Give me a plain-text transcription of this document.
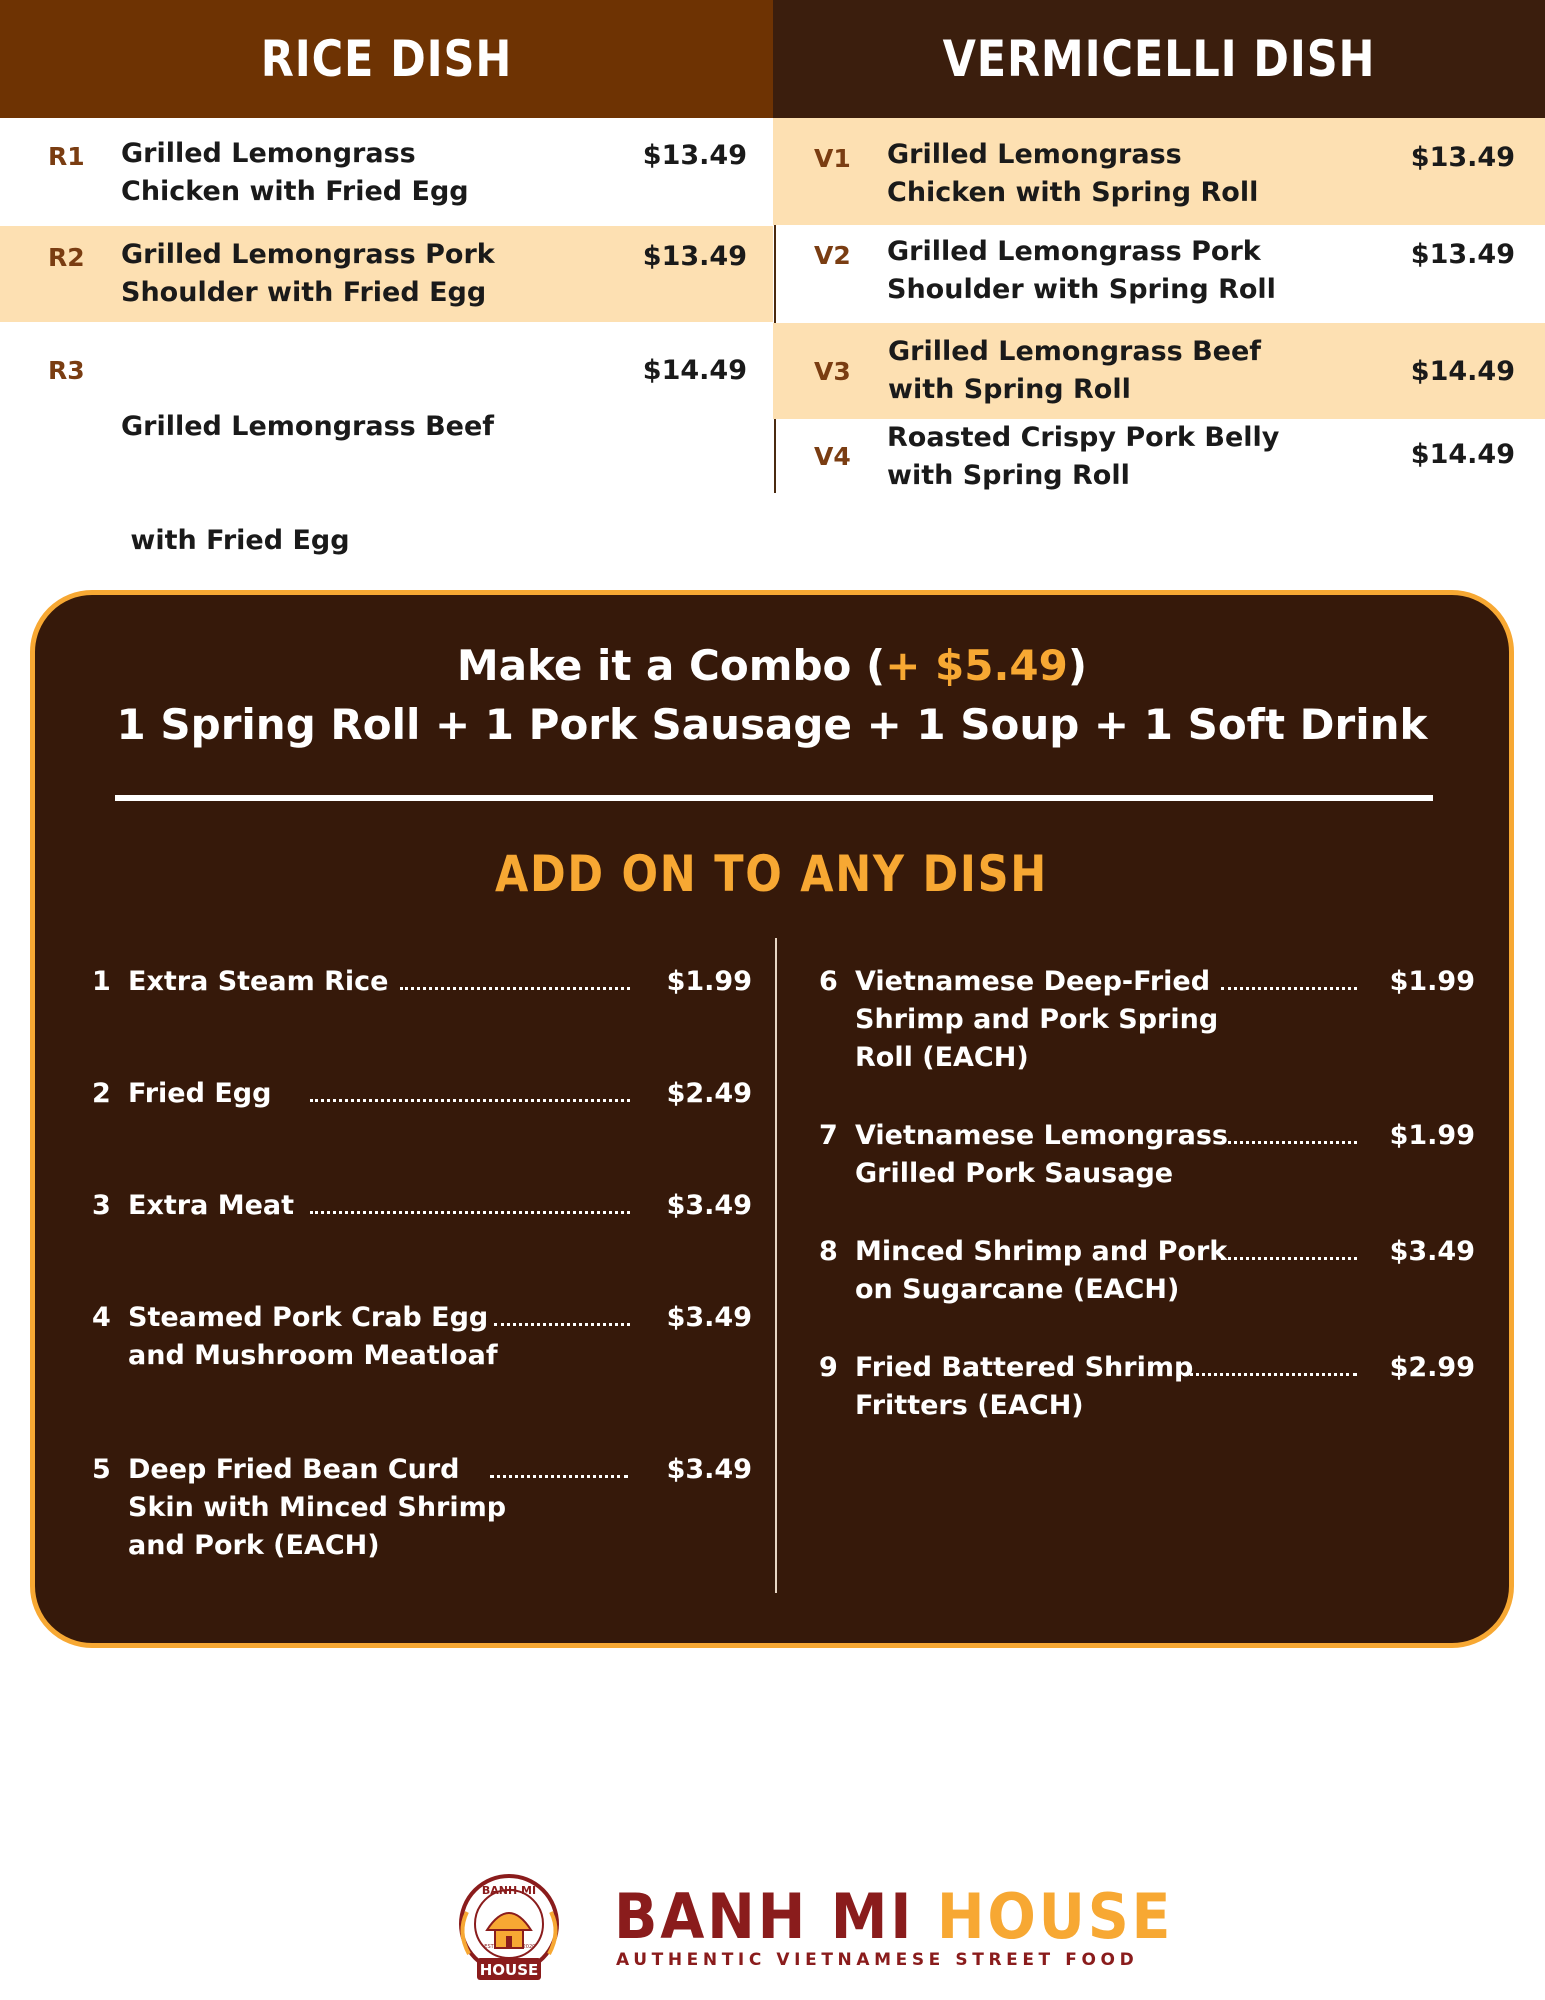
RICE DISH
R1 Grilled Lemongrass
Chicken with Fried Egg
$13.49
R2 Grilled Lemongrass Pork
Shoulder with Fried Egg
$13.49
R3

Grilled Lemongrass Beef

with Fried Egg

$14.49
VERMICELLI DISH
V1 Grilled Lemongrass
Chicken with Spring Roll
$13.49
V2 Grilled Lemongrass Pork
Shoulder with Spring Roll
$13.49
V3
Grilled Lemongrass Beef
with Spring Roll
$14.49
V4
Roasted Crispy Pork Belly
with Spring Roll
$14.49
Make it a Combo (+ $5.49)
1 Spring Roll + 1 Pork Sausage + 1 Soup + 1 Soft Drink
ADD ON TO ANY DISH
1 Extra Steam Rice	$1.99
2 Fried Egg	$2.49
3 Extra Meat	$3.49
4 Steamed Pork Crab Egg
and Mushroom Meatloaf
$3.49
5 Deep Fried Bean Curd
Skin with Minced Shrimp
and Pork (EACH)
$3.49
6 Vietnamese Deep-Fried
Shrimp and Pork Spring
Roll (EACH)
$1.99
7 Vietnamese Lemongrass
Grilled Pork Sausage
$1.99
8 Minced Shrimp and Pork
on Sugarcane (EACH)
$3.49
9 Fried Battered Shrimp
Fritters (EACH)
$2.99
BANH MI
EST	2020
HOUSE
BANH MI HOUSE
AUTHENTIC VIETNAMESE STREET FOOD
